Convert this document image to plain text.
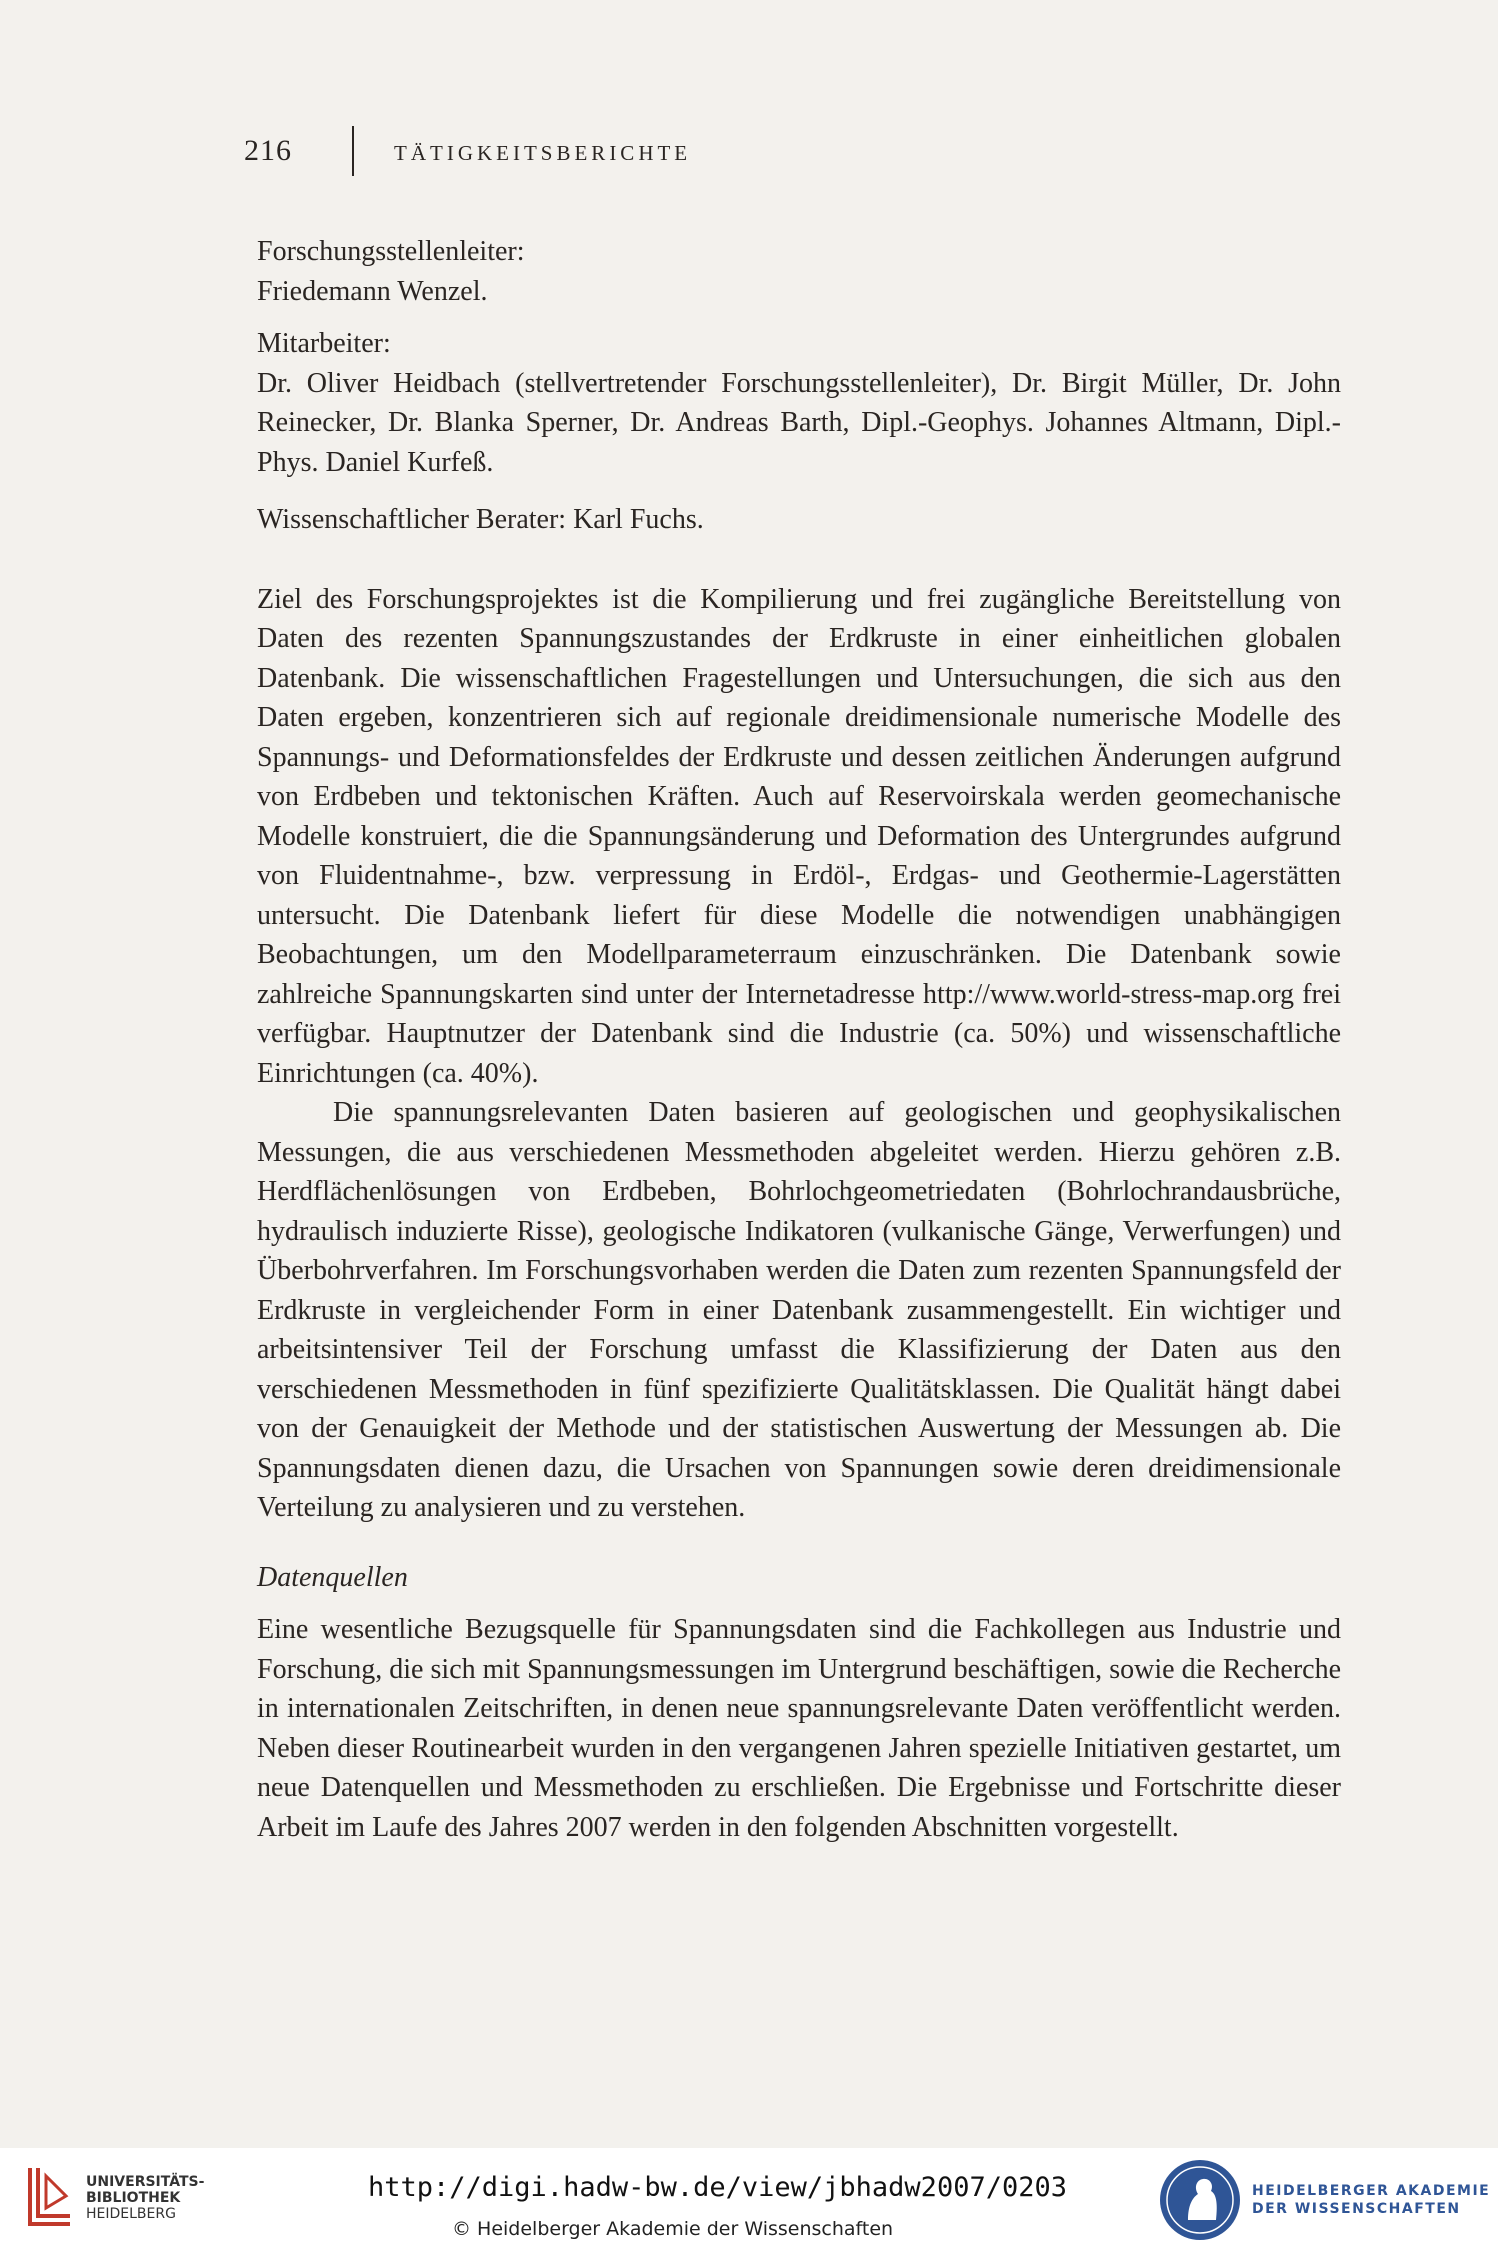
216	TÄTIGKEITSBERICHTE

Forschungsstellenleiter:

Friedemann Wenzel.

Mitarbeiter:

Dr. Oliver Heidbach (stellvertretender Forschungsstellenleiter), Dr. Birgit Müller, Dr. John Reinecker, Dr. Blanka Sperner, Dr. Andreas Barth, Dipl.-Geophys. Johannes Altmann, Dipl.-Phys. Daniel Kurfeß.

Wissenschaftlicher Berater: Karl Fuchs.

Ziel des Forschungsprojektes ist die Kompilierung und frei zugängliche Bereitstellung von Daten des rezenten Spannungszustandes der Erdkruste in einer einheitlichen globalen Datenbank. Die wissenschaftlichen Fragestellungen und Untersuchungen, die sich aus den Daten ergeben, konzentrieren sich auf regionale dreidimensionale numerische Modelle des Spannungs- und Deformationsfeldes der Erdkruste und dessen zeitlichen Änderungen aufgrund von Erdbeben und tektonischen Kräften. Auch auf Reservoirskala werden geomechanische Modelle konstruiert, die die Spannungsänderung und Deformation des Untergrundes aufgrund von Fluidentnahme-, bzw. verpressung in Erdöl-, Erdgas- und Geothermie-Lagerstätten untersucht. Die Datenbank liefert für diese Modelle die notwendigen unabhängigen Beobachtungen, um den Modellparameterraum einzuschränken. Die Datenbank sowie zahlreiche Spannungskarten sind unter der Internetadresse http://www.world-stress-map.org frei verfügbar. Hauptnutzer der Datenbank sind die Industrie (ca. 50%) und wissenschaftliche Einrichtungen (ca. 40%).

Die spannungsrelevanten Daten basieren auf geologischen und geophysikalischen Messungen, die aus verschiedenen Messmethoden abgeleitet werden. Hierzu gehören z.B. Herdflächenlösungen von Erdbeben, Bohrlochgeometriedaten (Bohrlochrandausbrüche, hydraulisch induzierte Risse), geologische Indikatoren (vulkanische Gänge, Verwerfungen) und Überbohrverfahren. Im Forschungsvorhaben werden die Daten zum rezenten Spannungsfeld der Erdkruste in vergleichender Form in einer Datenbank zusammengestellt. Ein wichtiger und arbeitsintensiver Teil der Forschung umfasst die Klassifizierung der Daten aus den verschiedenen Messmethoden in fünf spezifizierte Qualitätsklassen. Die Qualität hängt dabei von der Genauigkeit der Methode und der statistischen Auswertung der Messungen ab. Die Spannungsdaten dienen dazu, die Ursachen von Spannungen sowie deren dreidimensionale Verteilung zu analysieren und zu verstehen.

Datenquellen

Eine wesentliche Bezugsquelle für Spannungsdaten sind die Fachkollegen aus Industrie und Forschung, die sich mit Spannungsmessungen im Untergrund beschäftigen, sowie die Recherche in internationalen Zeitschriften, in denen neue spannungsrelevante Daten veröffentlicht werden. Neben dieser Routinearbeit wurden in den vergangenen Jahren spezielle Initiativen gestartet, um neue Datenquellen und Messmethoden zu erschließen. Die Ergebnisse und Fortschritte dieser Arbeit im Laufe des Jahres 2007 werden in den folgenden Abschnitten vorgestellt.

UNIVERSITÄTS-
BIBLIOTHEK
HEIDELBERG
http://digi.hadw-bw.de/view/jbhadw2007/0203
© Heidelberger Akademie der Wissenschaften
HEIDELBERGER AKADEMIE
DER WISSENSCHAFTEN
